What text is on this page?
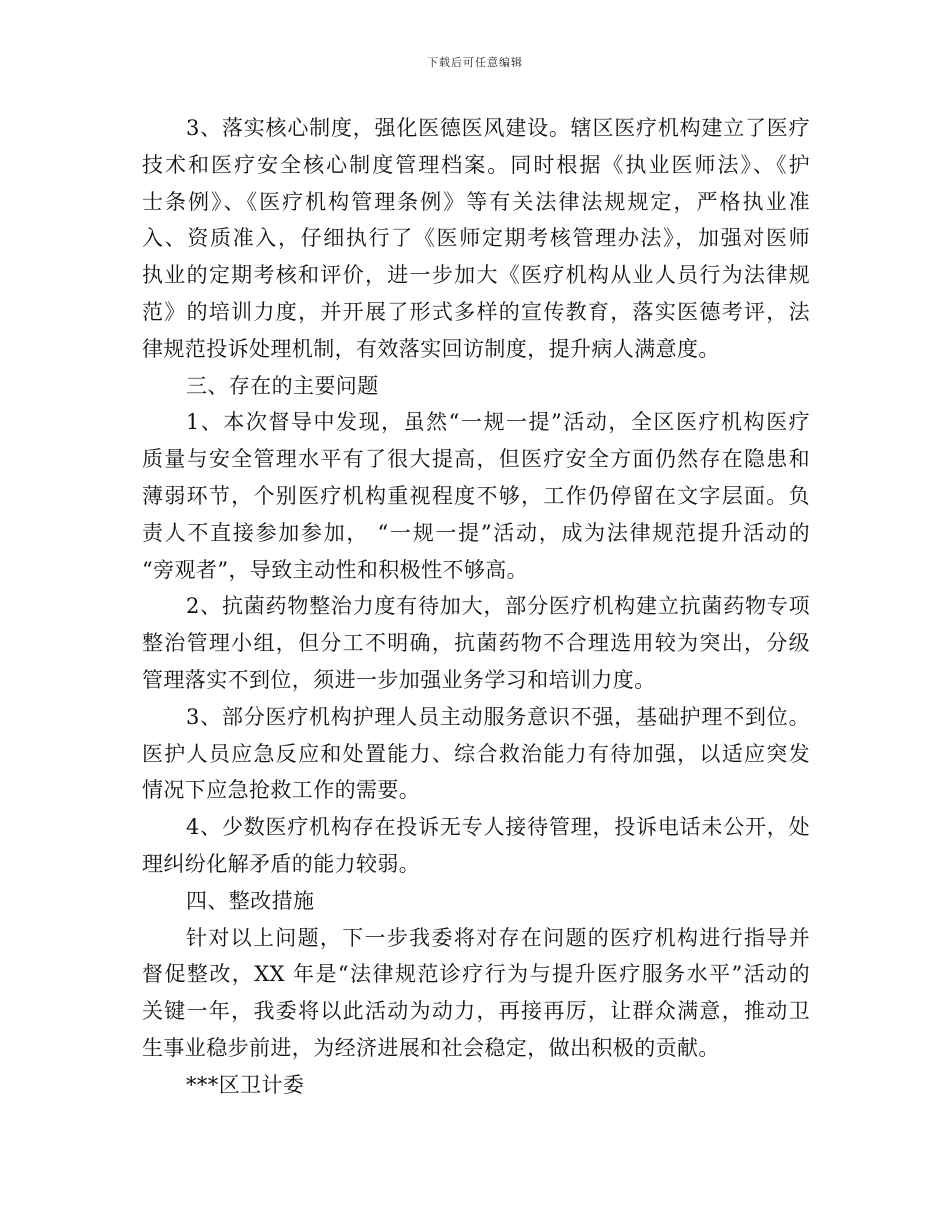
下载后可任意编辑
3、落实核心制度，强化医德医风建设。辖区医疗机构建立了医疗
技术和医疗安全核心制度管理档案。同时根据《执业医师法》、《护
士条例》、《医疗机构管理条例》等有关法律法规规定，严格执业准
入、资质准入，仔细执行了《医师定期考核管理办法》，加强对医师
执业的定期考核和评价，进一步加大《医疗机构从业人员行为法律规
范》的培训力度，并开展了形式多样的宣传教育，落实医德考评，法
律规范投诉处理机制，有效落实回访制度，提升病人满意度。
三、存在的主要问题
1、本次督导中发现，虽然“一规一提”活动，全区医疗机构医疗
质量与安全管理水平有了很大提高，但医疗安全方面仍然存在隐患和
薄弱环节，个别医疗机构重视程度不够，工作仍停留在文字层面。负
责人不直接参加参加， “一规一提”活动，成为法律规范提升活动的
“旁观者”，导致主动性和积极性不够高。
2、抗菌药物整治力度有待加大，部分医疗机构建立抗菌药物专项
整治管理小组，但分工不明确，抗菌药物不合理选用较为突出，分级
管理落实不到位，须进一步加强业务学习和培训力度。
3、部分医疗机构护理人员主动服务意识不强，基础护理不到位。
医护人员应急反应和处置能力、综合救治能力有待加强，以适应突发
情况下应急抢救工作的需要。
4、少数医疗机构存在投诉无专人接待管理，投诉电话未公开，处
理纠纷化解矛盾的能力较弱。
四、整改措施
针对以上问题，下一步我委将对存在问题的医疗机构进行指导并
督促整改，XX 年是“法律规范诊疗行为与提升医疗服务水平”活动的
关键一年，我委将以此活动为动力，再接再厉，让群众满意，推动卫
生事业稳步前进，为经济进展和社会稳定，做出积极的贡献。
***区卫计委
